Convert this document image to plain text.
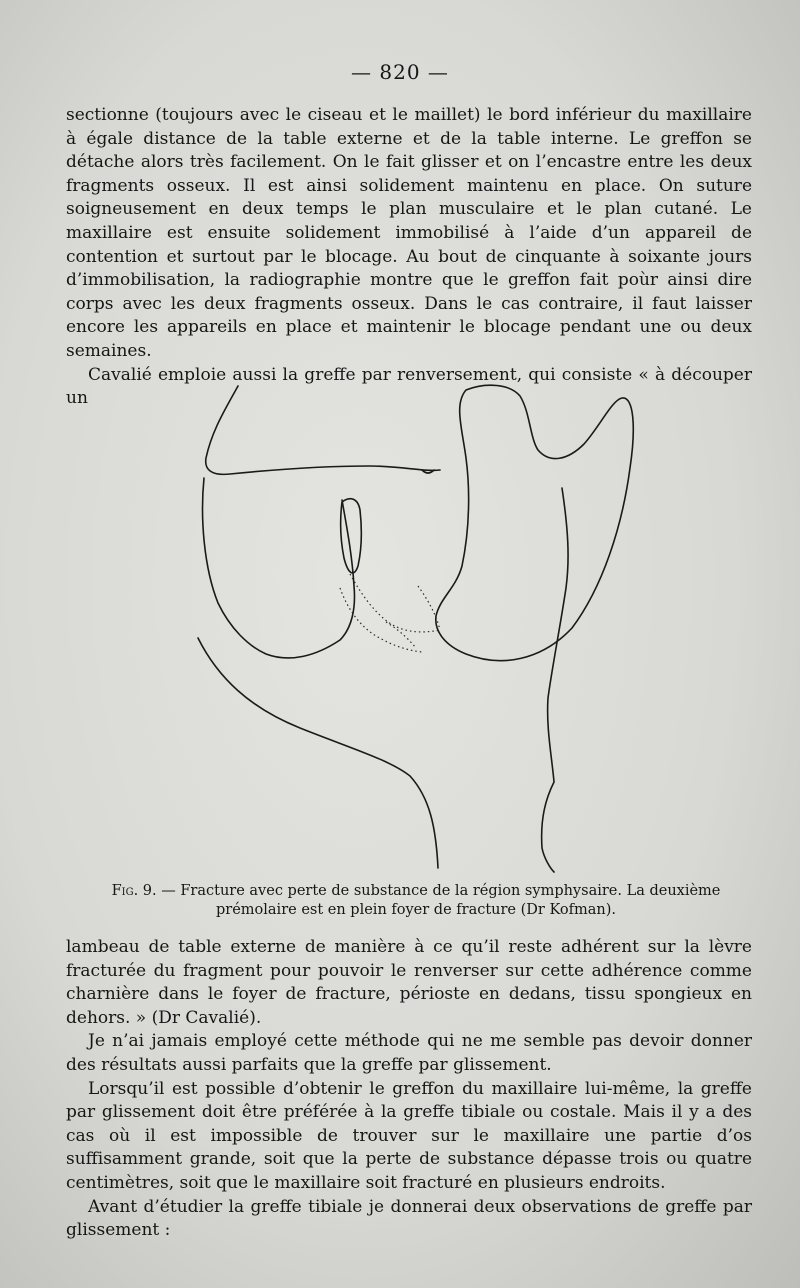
— 820 —

sectionne (toujours avec le ciseau et le maillet) le bord inférieur du maxillaire à égale distance de la table externe et de la table interne. Le greffon se détache alors très facilement. On le fait glisser et on l’encastre entre les deux fragments osseux. Il est ainsi solidement maintenu en place. On suture soigneusement en deux temps le plan musculaire et le plan cutané. Le maxillaire est ensuite solidement immobilisé à l’aide d’un appareil de contention et surtout par le blocage. Au bout de cinquante à soixante jours d’immobilisation, la radiographie montre que le greffon fait poùr ainsi dire corps avec les deux fragments osseux. Dans le cas contraire, il faut laisser encore les appareils en place et maintenir le blocage pendant une ou deux semaines.

Cavalié emploie aussi la greffe par renversement, qui consiste « à découper un

Fig. 9. — Fracture avec perte de substance de la région symphysaire. La deuxième prémolaire est en plein foyer de fracture (Dr Kofman).

lambeau de table externe de manière à ce qu’il reste adhérent sur la lèvre fracturée du fragment pour pouvoir le renverser sur cette adhérence comme charnière dans le foyer de fracture, périoste en dedans, tissu spongieux en dehors. » (Dr Cavalié).

Je n’ai jamais employé cette méthode qui ne me semble pas devoir donner des résultats aussi parfaits que la greffe par glissement.

Lorsqu’il est possible d’obtenir le greffon du maxillaire lui-même, la greffe par glissement doit être préférée à la greffe tibiale ou costale. Mais il y a des cas où il est impossible de trouver sur le maxillaire une partie d’os suffisamment grande, soit que la perte de substance dépasse trois ou quatre centimètres, soit que le maxillaire soit fracturé en plusieurs endroits.

Avant d’étudier la greffe tibiale je donnerai deux observations de greffe par glissement :
